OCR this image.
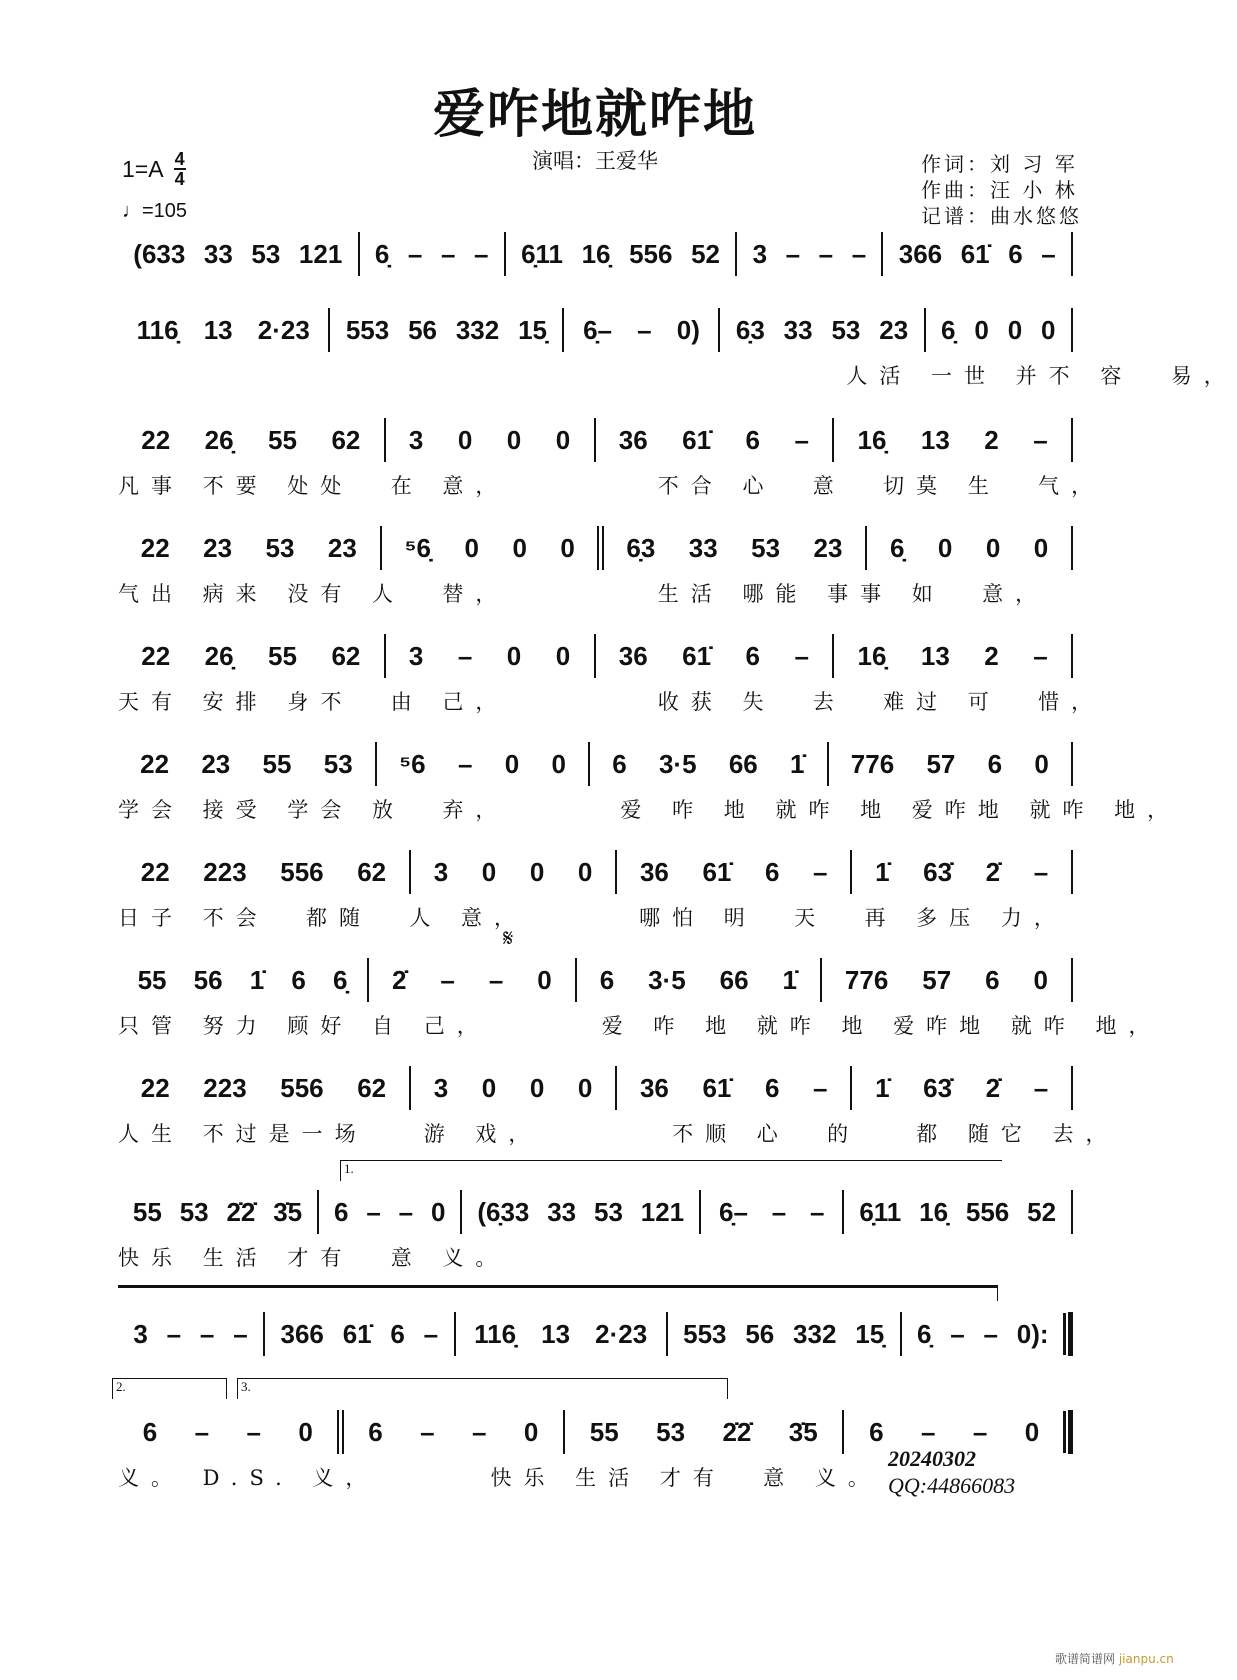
爱咋地就咋地
演唱：王爱华
$1=A \frac{4}{4}$
♩=105
作词：刘 习 军
作曲：汪 小 林
记谱：曲水悠悠
(633 33 53 121 6̣ – – – 6̣11 16̣ 556 52 3 – – – 366 61̇ 6 –
116̣ 13 2·23 553 56 332 15̣ 6̣– – 0) 6̣3 33 53 23 6̣ 0 0 0
人活 一世 并不 容  易，
22 26̣ 55 62 3 0 0 0 36 61̇ 6 – 16̣ 13 2 –
凡事 不要 处处  在 意，        不合 心  意  切莫 生  气，
22 23 53 23 ⁵6̣ 0 0 0 6̣3 33 53 23 6̣ 0 0 0
气出 病来 没有 人  替，        生活 哪能 事事 如  意，
22 26̣ 55 62 3 – 0 0 36 61̇ 6 – 16̣ 13 2 –
天有 安排 身不  由 己，        收获 失  去  难过 可  惜，
22 23 55 53 ⁵6 – 0 0 6 3·5 66 1̇ 776 57 6 0
学会 接受 学会 放  弃，      爱 咋 地 就咋 地 爱咋地 就咋 地，
22 223 556 62 3 0 0 0 36 61̇ 6 – 1̇ 63̇ 2̇ –
日子 不会  都随  人 意，      哪怕 明  天  再 多压 力，
55 56 1̇ 6 6̣ 2̇ – – 0 6 3·5 66 1̇ 776 57 6 0
只管 努力 顾好 自 己，      爱 咋 地 就咋 地 爱咋地 就咋 地，
22 223 556 62 3 0 0 0 36 61̇ 6 – 1̇ 63̇ 2̇ –
人生 不过是一场   游 戏，       不顺 心  的   都 随它 去，
55 53 2̇2̇ 3̇5 6 – – 0 (6̣33 33 53 121 6̣– – – 6̣11 16̣ 556 52
快乐 生活 才有  意 义。
3 – – – 366 61̇ 6 – 116̣ 13 2·23 553 56 332 15̣ 6̣ – – 0):
6 – – 0 6 – – 0 55 53 2̇2̇ 3̇5 6 – – 0
义。 D.S. 义，      快乐 生活 才有  意 义。
1.
2.	3.
𝄋
20240302
QQ:44866083
歌谱简谱网 jianpu.cn
